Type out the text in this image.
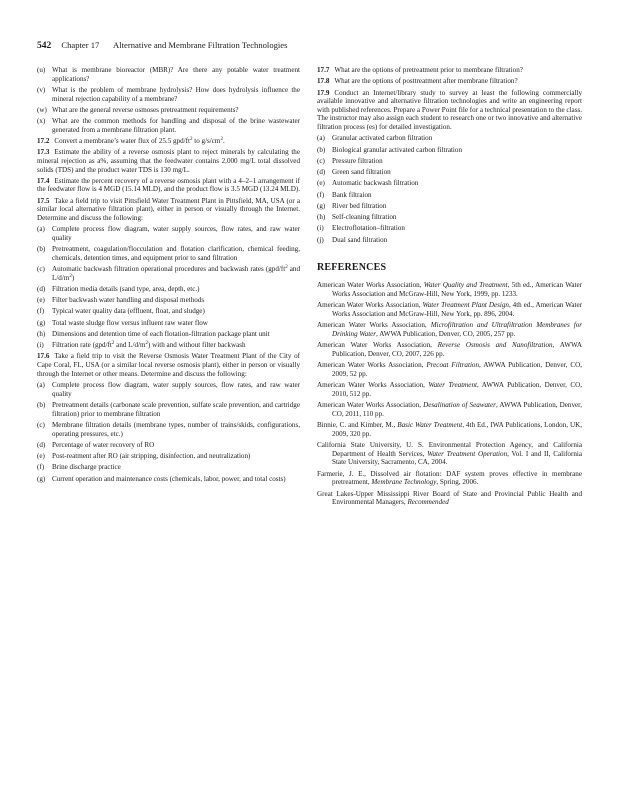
542 Chapter 17 Alternative and Membrane Filtration Technologies
(u) What is membrane bioreactor (MBR)? Are there any potable water treatment applications?
(v) What is the problem of membrane hydrolysis? How does hydrolysis influence the mineral rejection capability of a membrane?
(w) What are the general reverse osmoses pretreatment requirements?
(x) What are the common methods for handling and disposal of the brine wastewater generated from a membrane filtration plant.
17.2 Convert a membrane’s water flux of 25.5 gpd/$ft^2$ to $g/s/cm^2$.
17.3 Estimate the ability of a reverse osmosis plant to reject minerals by calculating the mineral rejection as a%, assuming that the feedwater contains 2,000 mg/L total dissolved solids (TDS) and the product water TDS is 130 mg/L.
17.4 Estimate the percent recovery of a reverse osmosis plant with a 4–2–1 arrangement if the feedwater flow is 4 MGD (15.14 MLD), and the product flow is 3.5 MGD (13.24 MLD).
17.5 Take a field trip to visit Pittsfield Water Treatment Plant in Pittsfield, MA, USA (or a similar local alternative filtration plant), either in person or visually through the Internet. Determine and discuss the following:
(a) Complete process flow diagram, water supply sources, flow rates, and raw water quality
(b) Pretreatment, coagulation/flocculation and flotation clarification, chemical feeding, chemicals, detention times, and equipment prior to sand filtration
(c) Automatic backwash filtration operational procedures and backwash rates ($gpd/ft^2$ and $L/d/m^2$)
(d) Filtration media details (sand type, area, depth, etc.)
(e) Filter backwash water handling and disposal methods
(f) Typical water quality data (effluent, float, and sludge)
(g) Total waste sludge flow versus influent raw water flow
(h) Dimensions and detention time of each flotation-filtration package plant unit
(i) Filtration rate ($gpd/ft^2$ and $L/d/m^2$) with and without filter backwash
17.6 Take a field trip to visit the Reverse Osmosis Water Treatment Plant of the City of Cape Coral, FL, USA (or a similar local reverse osmosis plant), either in person or visually through the Internet or other means. Determine and discuss the following:
(a) Complete process flow diagram, water supply sources, flow rates, and raw water quality
(b) Pretreatment details (carbonate scale prevention, sulfate scale prevention, and cartridge filtration) prior to membrane filtration
(c) Membrane filtration details (membrane types, number of trains/skids, configurations, operating pressures, etc.)
(d) Percentage of water recovery of RO
(e) Post-reatment after RO (air stripping, disinfection, and neutralization)
(f) Brine discharge practice
(g) Current operation and maintenance costs (chemicals, labor, power, and total costs)
17.7 What are the options of pretreatment prior to membrane filtration?
17.8 What are the options of posttreatment after membrane filtration?
17.9 Conduct an Internet/library study to survey at least the following commercially available innovative and alternative filtration technologies and write an engineering report with published references. Prepare a Power Point file for a technical presentation to the class. The instructor may also assign each student to research one or two innovative and alternative filtration process (es) for detailed investigation.
(a) Granular activated carbon filtration
(b) Biological granular activated carbon filtration
(c) Pressure filtration
(d) Green sand filtration
(e) Automatic backwash filtration
(f) Bank filtraion
(g) River bed filtration
(h) Self-cleaning filtration
(i) Electroflotation–filtration
(j) Dual sand filtration
REFERENCES
American Water Works Association, Water Quality and Treatment, 5th ed., American Water Works Association and McGraw-Hill, New York, 1999, pp. 1233.
American Water Works Association, Water Treatment Plant Design, 4th ed., American Water Works Association and McGraw-Hill, New York, pp. 896, 2004.
American Water Works Association, Microfiltration and Ultrafiltration Membranes for Drinking Water, AWWA Publication, Denver, CO, 2005, 257 pp.
American Water Works Association, Reverse Osmosis and Nanofiltration, AWWA Publication, Denver, CO, 2007, 226 pp.
American Water Works Association, Precoat Filtration, AWWA Publication, Denver, CO, 2009, 52 pp.
American Water Works Association, Water Treatment, AWWA Publication, Denver, CO, 2010, 512 pp.
American Water Works Association, Desalination of Seawater, AWWA Publication, Denver, CO, 2011, 110 pp.
Binnie, C. and Kimber, M., Basic Water Treatment, 4th Ed., IWA Publications, London, UK, 2009, 320 pp.
California State University, U. S. Environmental Protection Agency, and California Department of Health Services, Water Treatment Operation, Vol. I and II, California State University, Sacramento, CA, 2004.
Farmerie, J. E., Dissolved air flotation: DAF system proves effective in membrane pretreatment, Membrane Technology, Spring, 2006.
Great Lakes-Upper Mississippi River Board of State and Provincial Public Health and Environmental Managers, Recommended
